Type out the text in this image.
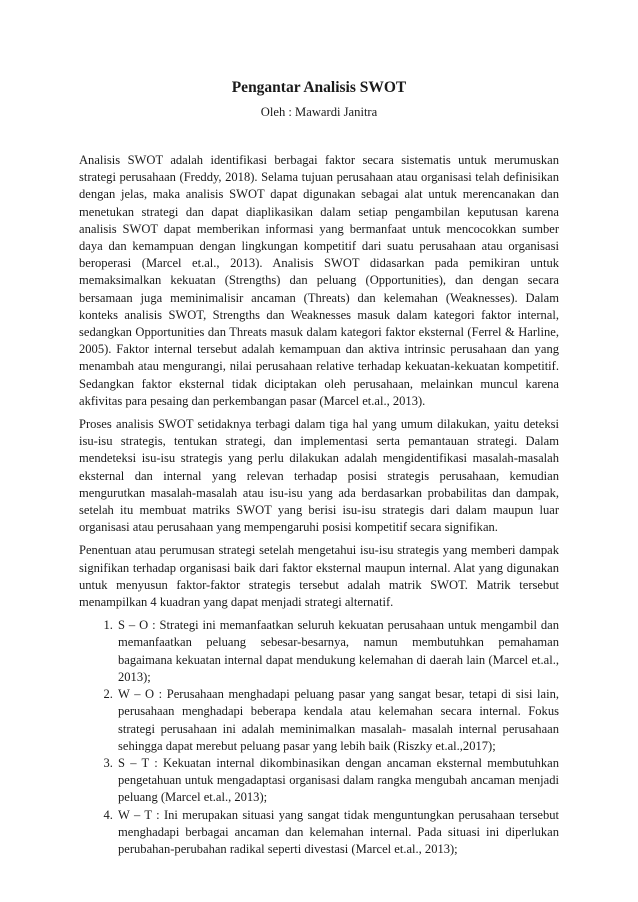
Pengantar Analisis SWOT
Oleh : Mawardi Janitra

Analisis SWOT adalah identifikasi berbagai faktor secara sistematis untuk merumuskan strategi perusahaan (Freddy, 2018). Selama tujuan perusahaan atau organisasi telah definisikan dengan jelas, maka analisis SWOT dapat digunakan sebagai alat untuk merencanakan dan menetukan strategi dan dapat diaplikasikan dalam setiap pengambilan keputusan karena analisis SWOT dapat memberikan informasi yang bermanfaat untuk mencocokkan sumber daya dan kemampuan dengan lingkungan kompetitif dari suatu perusahaan atau organisasi beroperasi (Marcel et.al., 2013). Analisis SWOT didasarkan pada pemikiran untuk memaksimalkan kekuatan (Strengths) dan peluang (Opportunities), dan dengan secara bersamaan juga meminimalisir ancaman (Threats) dan kelemahan (Weaknesses). Dalam konteks analisis SWOT, Strengths dan Weaknesses masuk dalam kategori faktor internal, sedangkan Opportunities dan Threats masuk dalam kategori faktor eksternal (Ferrel & Harline, 2005). Faktor internal tersebut adalah kemampuan dan aktiva intrinsic perusahaan dan yang menambah atau mengurangi, nilai perusahaan relative terhadap kekuatan-kekuatan kompetitif. Sedangkan faktor eksternal tidak diciptakan oleh perusahaan, melainkan muncul karena akfivitas para pesaing dan perkembangan pasar (Marcel et.al., 2013).

Proses analisis SWOT setidaknya terbagi dalam tiga hal yang umum dilakukan, yaitu deteksi isu-isu strategis, tentukan strategi, dan implementasi serta pemantauan strategi. Dalam mendeteksi isu-isu strategis yang perlu dilakukan adalah mengidentifikasi masalah-masalah eksternal dan internal yang relevan terhadap posisi strategis perusahaan, kemudian mengurutkan masalah-masalah atau isu-isu yang ada berdasarkan probabilitas dan dampak, setelah itu membuat matriks SWOT yang berisi isu-isu strategis dari dalam maupun luar organisasi atau perusahaan yang mempengaruhi posisi kompetitif secara signifikan.

Penentuan atau perumusan strategi setelah mengetahui isu-isu strategis yang memberi dampak signifikan terhadap organisasi baik dari faktor eksternal maupun internal. Alat yang digunakan untuk menyusun faktor-faktor strategis tersebut adalah matrik SWOT. Matrik tersebut menampilkan 4 kuadran yang dapat menjadi strategi alternatif.

1. S – O : Strategi ini memanfaatkan seluruh kekuatan perusahaan untuk mengambil dan memanfaatkan peluang sebesar-besarnya, namun membutuhkan pemahaman bagaimana kekuatan internal dapat mendukung kelemahan di daerah lain (Marcel et.al., 2013);
2. W – O : Perusahaan menghadapi peluang pasar yang sangat besar, tetapi di sisi lain, perusahaan menghadapi beberapa kendala atau kelemahan secara internal. Fokus strategi perusahaan ini adalah meminimalkan masalah- masalah internal perusahaan sehingga dapat merebut peluang pasar yang lebih baik (Riszky et.al.,2017);
3. S – T : Kekuatan internal dikombinasikan dengan ancaman eksternal membutuhkan pengetahuan untuk mengadaptasi organisasi dalam rangka mengubah ancaman menjadi peluang (Marcel et.al., 2013);
4. W – T : Ini merupakan situasi yang sangat tidak menguntungkan perusahaan tersebut menghadapi berbagai ancaman dan kelemahan internal. Pada situasi ini diperlukan perubahan-perubahan radikal seperti divestasi (Marcel et.al., 2013);
